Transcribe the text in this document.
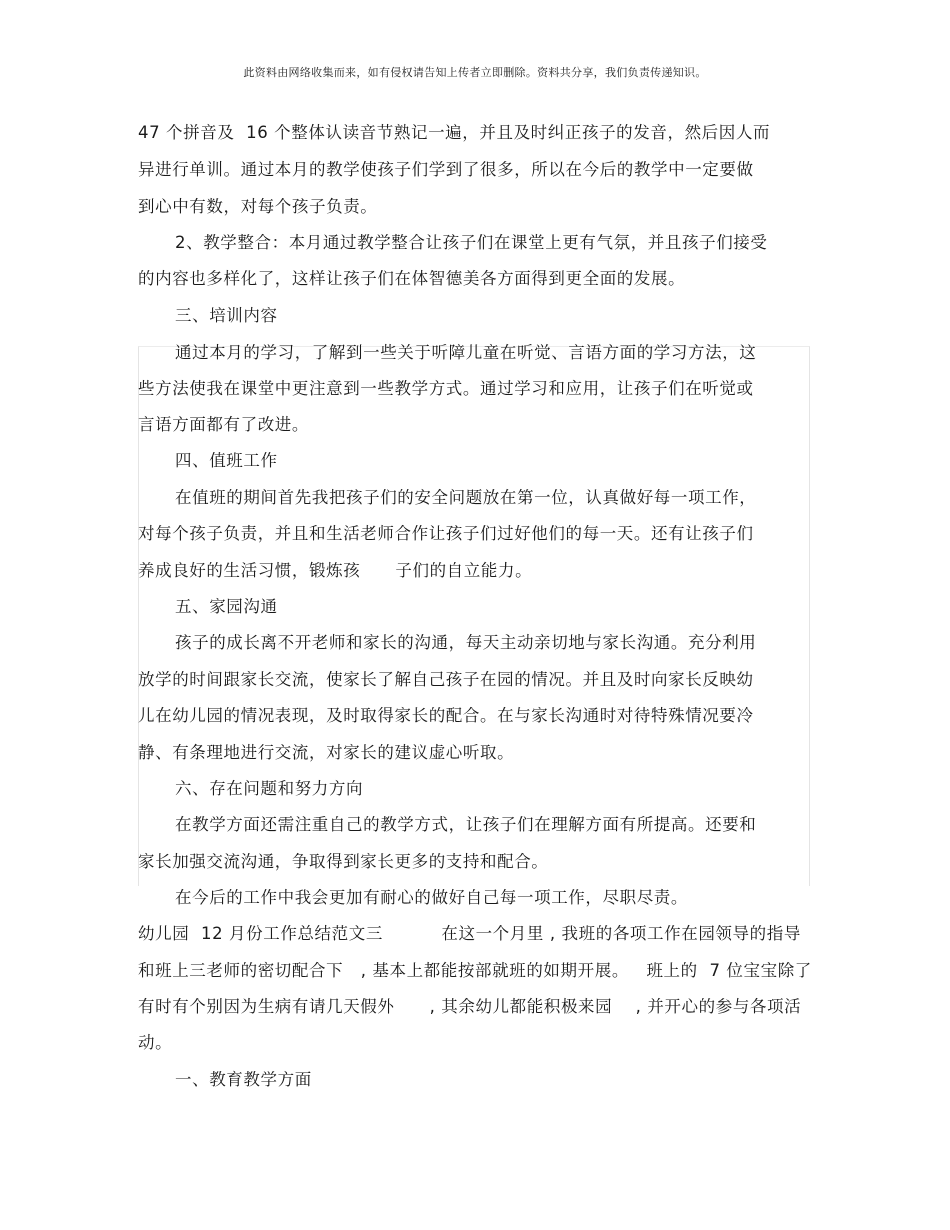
此资料由网络收集而来，如有侵权请告知上传者立即删除。资料共分享，我们负责传递知识。
47 个拼音及  16 个整体认读音节熟记一遍，并且及时纠正孩子的发音，然后因人而
异进行单训。通过本月的教学使孩子们学到了很多，所以在今后的教学中一定要做
到心中有数，对每个孩子负责。
2、教学整合：本月通过教学整合让孩子们在课堂上更有气氛，并且孩子们接受
的内容也多样化了，这样让孩子们在体智德美各方面得到更全面的发展。
三、培训内容
通过本月的学习，了解到一些关于听障儿童在听觉、言语方面的学习方法，这
些方法使我在课堂中更注意到一些教学方式。通过学习和应用，让孩子们在听觉或
言语方面都有了改进。
四、值班工作
在值班的期间首先我把孩子们的安全问题放在第一位，认真做好每一项工作，
对每个孩子负责，并且和生活老师合作让孩子们过好他们的每一天。还有让孩子们
养成良好的生活习惯，锻炼孩      子们的自立能力。
五、家园沟通
孩子的成长离不开老师和家长的沟通，每天主动亲切地与家长沟通。充分利用
放学的时间跟家长交流，使家长了解自己孩子在园的情况。并且及时向家长反映幼
儿在幼儿园的情况表现，及时取得家长的配合。在与家长沟通时对待特殊情况要冷
静、有条理地进行交流，对家长的建议虚心听取。
六、存在问题和努力方向
在教学方面还需注重自己的教学方式，让孩子们在理解方面有所提高。还要和
家长加强交流沟通，争取得到家长更多的支持和配合。
在今后的工作中我会更加有耐心的做好自己每一项工作，尽职尽责。
幼儿园  12 月份工作总结范文三          在这一个月里 , 我班的各项工作在园领导的指导
和班上三老师的密切配合下   , 基本上都能按部就班的如期开展。   班上的  7 位宝宝除了
有时有个别因为生病有请几天假外      , 其余幼儿都能积极来园    , 并开心的参与各项活
动。
一、教育教学方面
